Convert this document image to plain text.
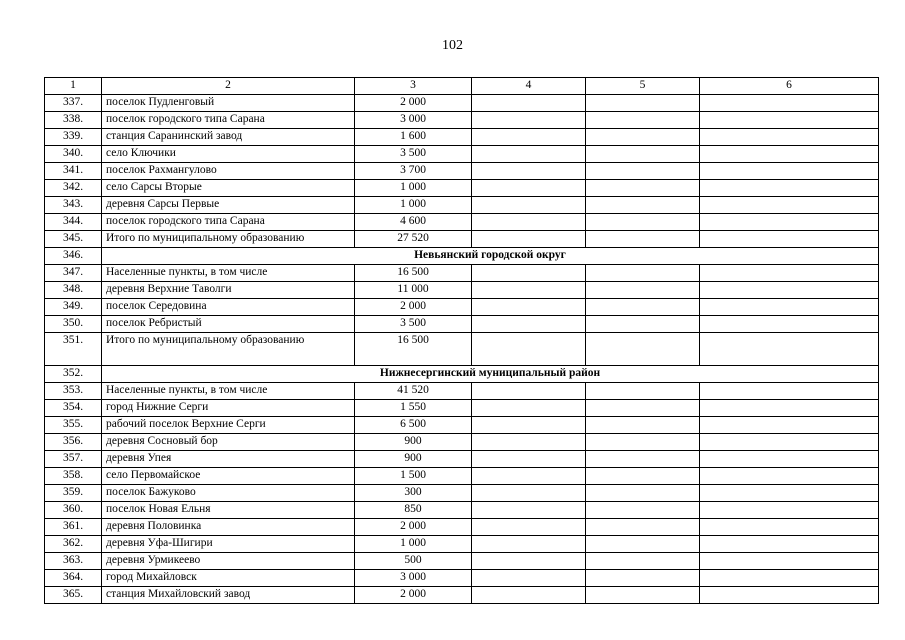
102
1	2	3	4	5	6
337.	поселок Пудленговый	2 000			
338.	поселок городского типа Сарана	3 000			
339.	станция Саранинский завод	1 600			
340.	село Ключики	3 500			
341.	поселок Рахмангулово	3 700			
342.	село Сарсы Вторые	1 000			
343.	деревня Сарсы Первые	1 000			
344.	поселок городского типа Сарана	4 600			
345.	Итого по муниципальному образованию	27 520			
346.	Невьянский городской округ				
347.	Населенные пункты, в том числе	16 500			
348.	деревня Верхние Таволги	11 000			
349.	поселок Середовина	2 000			
350.	поселок Ребристый	3 500			
351.	Итого по муниципальному образованию	16 500			
352.	Нижнесергинский муниципальный район				
353.	Населенные пункты, в том числе	41 520			
354.	город Нижние Серги	1 550			
355.	рабочий поселок Верхние Серги	6 500			
356.	деревня Сосновый бор	900			
357.	деревня Упея	900			
358.	село Первомайское	1 500			
359.	поселок Бажуково	300			
360.	поселок Новая Ельня	850			
361.	деревня Половинка	2 000			
362.	деревня Уфа-Шигири	1 000			
363.	деревня Урмикеево	500			
364.	город Михайловск	3 000			
365.	станция Михайловский завод	2 000			
